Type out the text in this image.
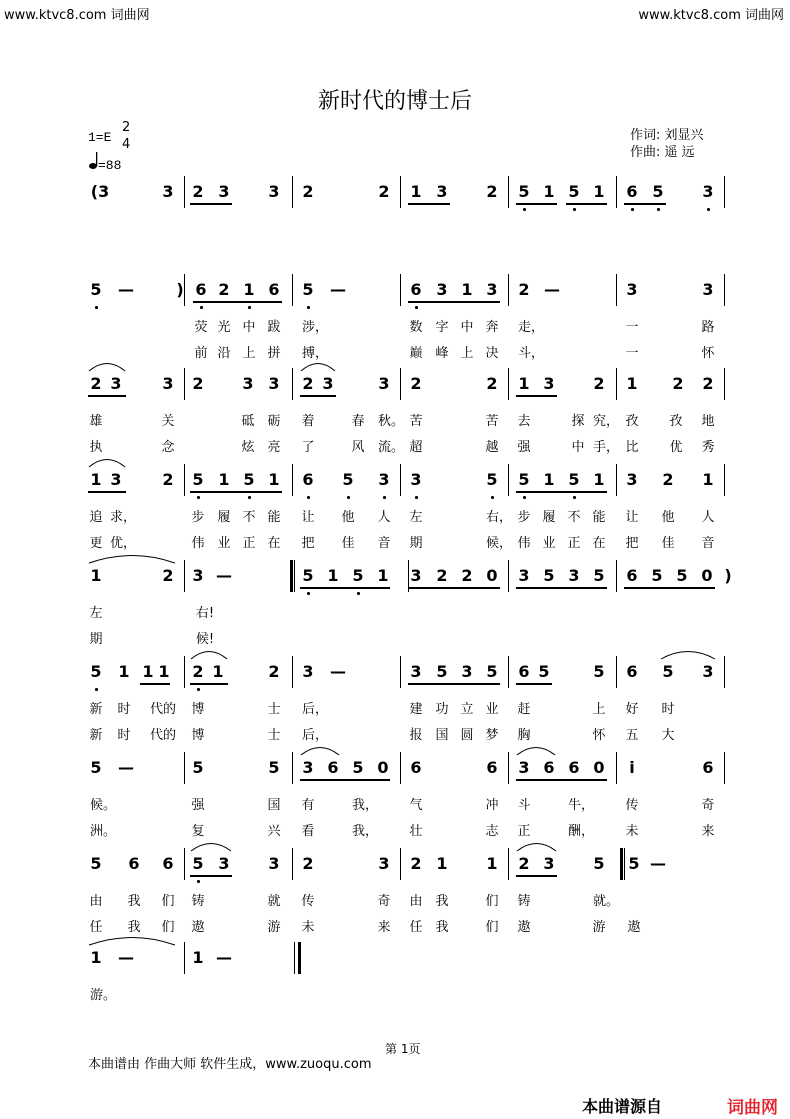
www.ktvc8.com 词曲网	www.ktvc8.com 词曲网
新时代的博士后
1=E
2
4
=88
作词: 刘显兴
作曲: 遥 远
(3	3 2 3 3 2	2 1 3 2 5 1 5 1 6 5 3
5 —	) 6 2 1 6 5 —	6 3 1 3 2 —	3	3
荧 光 中 跋 涉，	数 字 中 奔 走，	一	路
前 沿 上 拼 搏，	巅 峰 上 决 斗，	一	怀
2 3	3 2 3 3 2 3	3 2	2 1 3 2 1 2 2
雄	关	砥 砺 着	春 秋。 苦	苦 去	探 究， 孜 孜 地
执	念	炫 亮 了	风 流。 超	越 强	中 手， 比 优 秀
1 3	2 5 1 5 1 6 5 3 3	5 5 1 5 1 3 2 1
追 求，	步 履 不 能 让 他 人 左	右， 步 履 不 能 让 他 人
更 优，	伟 业 正 在 把 佳 音 期	候， 伟 业 正 在 把 佳 音
1	2 3 —	5 1 5 1 3 2 2 0 3 5 3 5 6 5 5 0 )
左	右!
期	候!
5 1 1 1 2 1	2 3 —	3 5 3 5 6 5	5 6 5 3
新 时 代的 博	士 后，	建 功 立 业 赶	上 好 时
新 时 代的 博	士 后，	报 国 圆 梦 胸	怀 五 大
5 —	5	5 3 6 5 0 6	6 3 6 6 0	i	6
候。	强	国 有	我， 气	冲 斗	牛， 传	奇
洲。	复	兴 看	我， 壮	志 正	酬， 未	来
5 6 6 5 3 3 2	3 2 1 1 2 3 5 5 —
由 我 们 铸	就 传	奇 由 我	们 铸	就。
任 我 们 遨	游 未	来 任 我	们 遨	游 遨
1 —	1 —
游。
第 1页
本曲谱由 作曲大师 软件生成，www.zuoqu.com
本曲谱源自	词曲网
